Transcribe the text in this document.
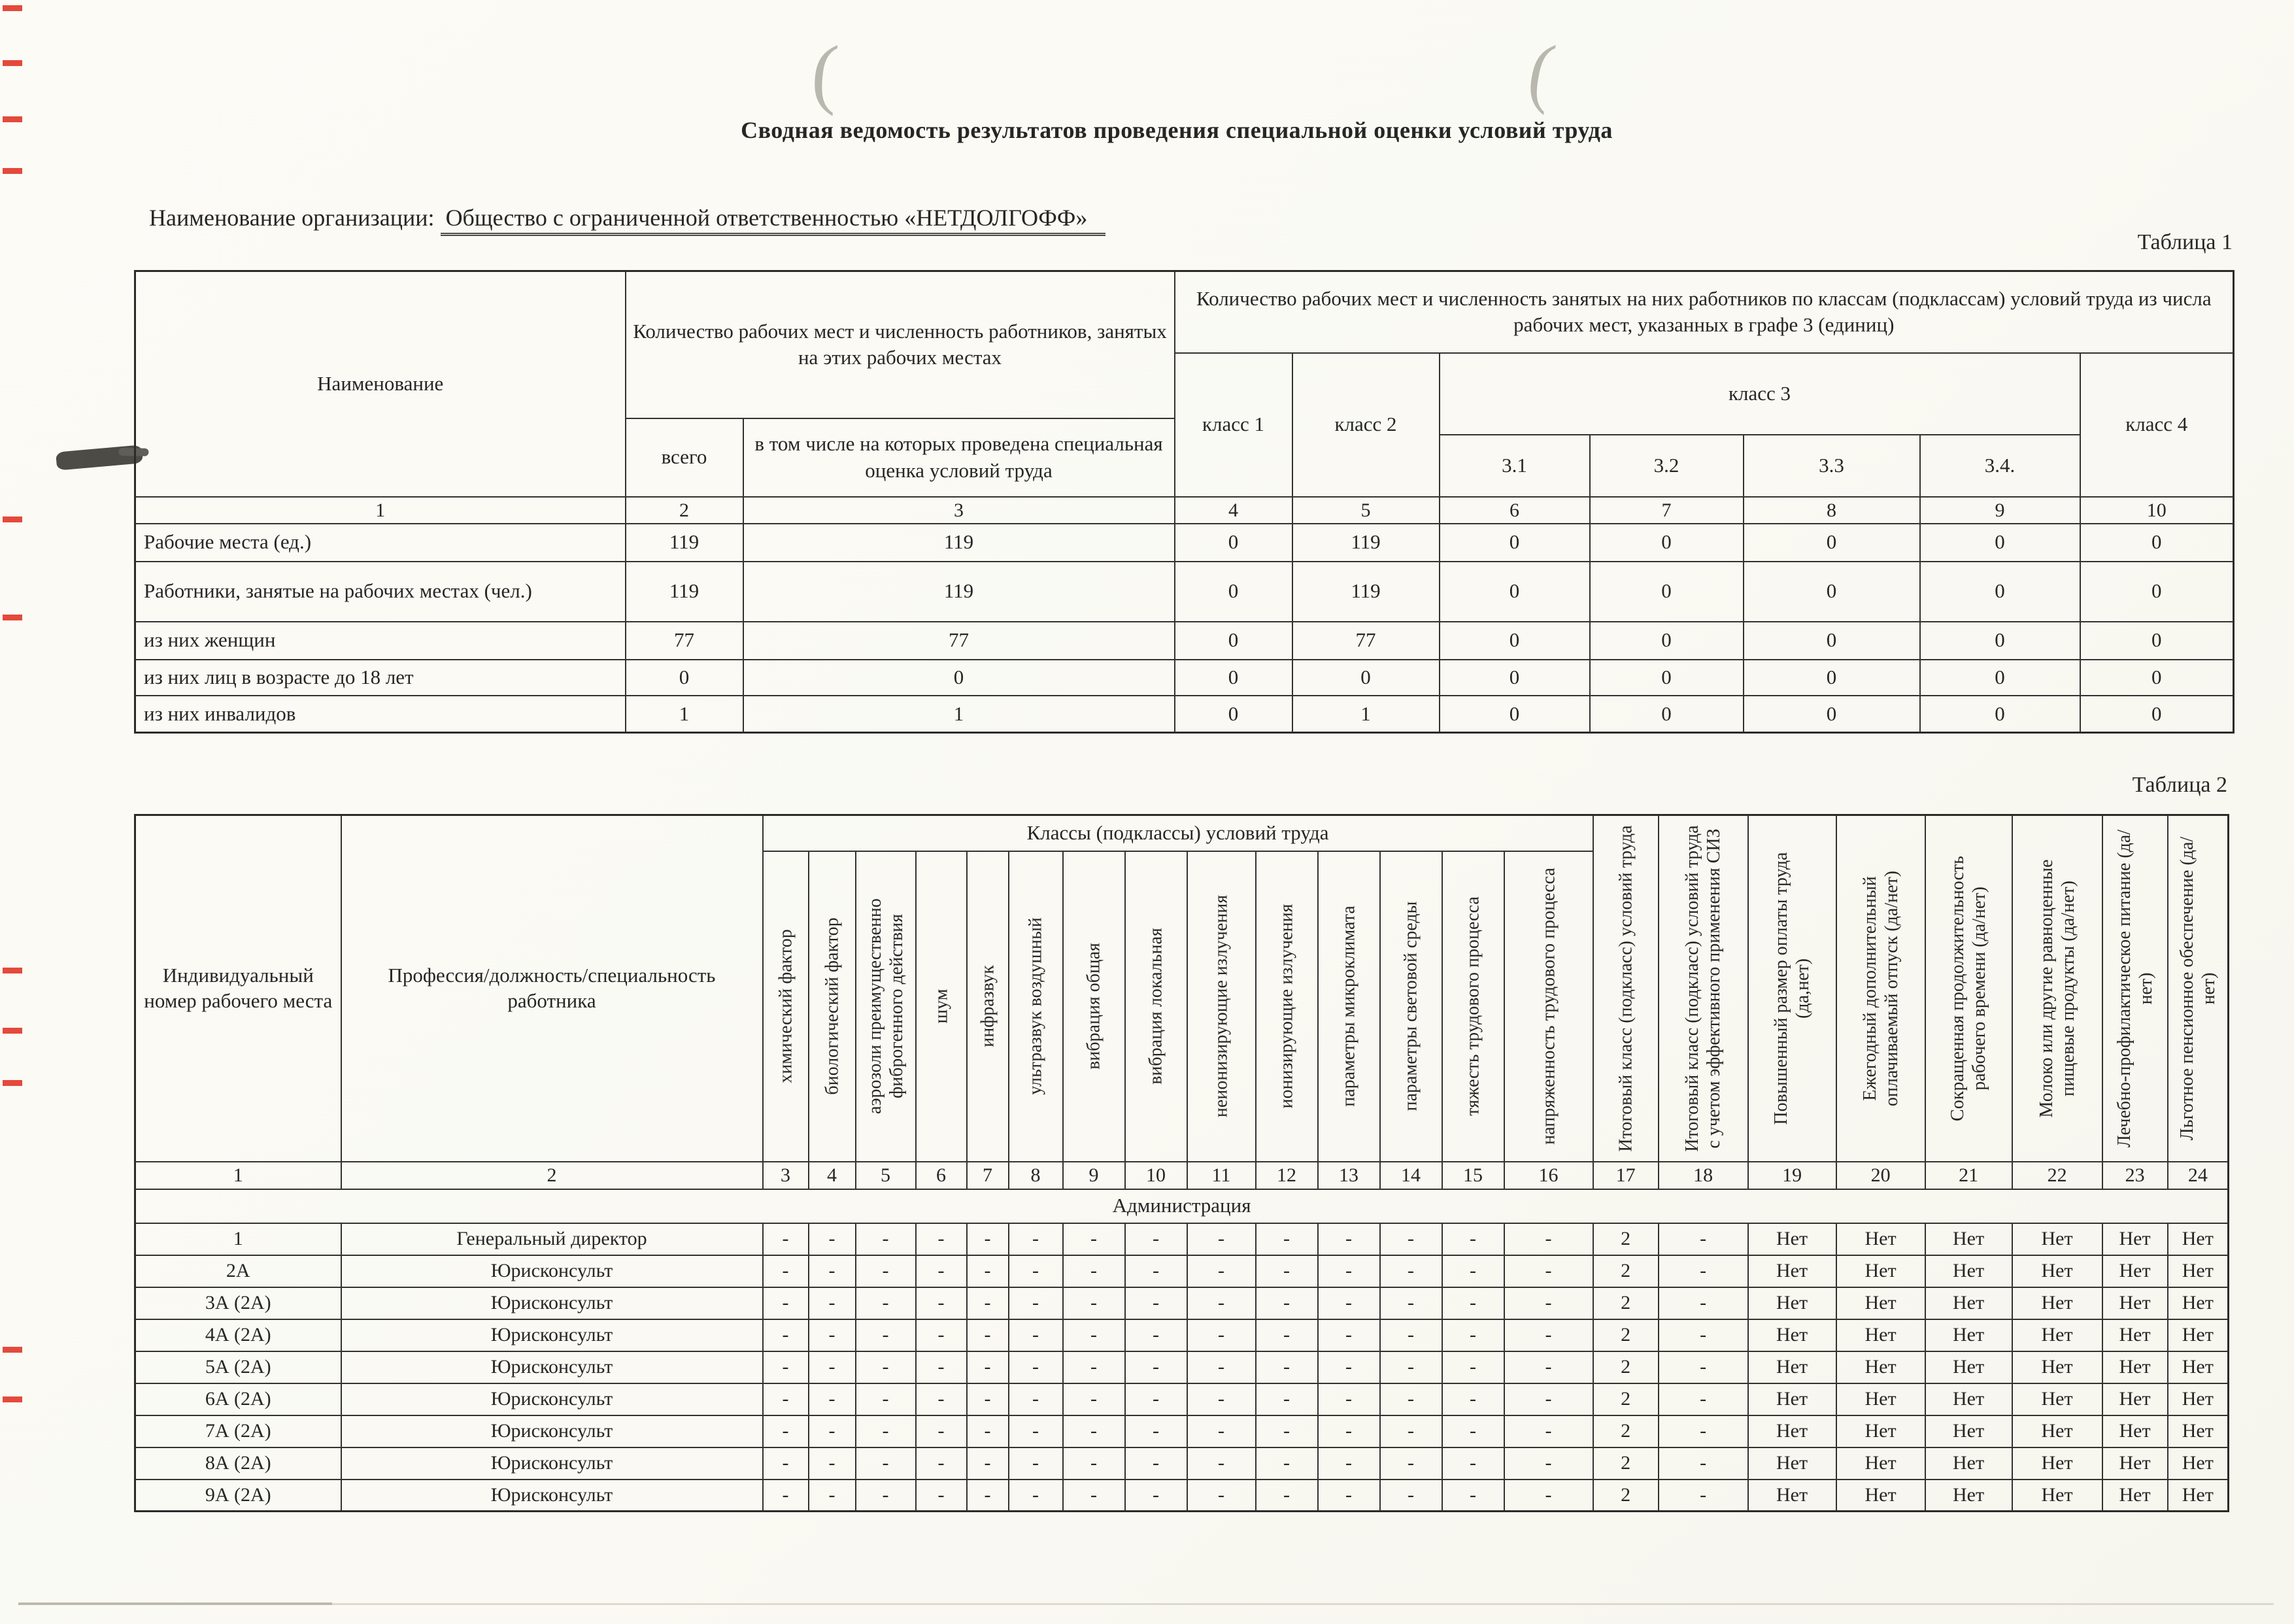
(	(
Сводная ведомость результатов проведения специальной оценки условий труда
Наименование организации: Общество с ограниченной ответственностью «НЕТДОЛГОФФ»
Таблица 1
Таблица 2
Наименование	Количество рабочих мест и численность работников, занятых на этих рабочих местах		Количество рабочих мест и численность занятых на них работников по классам (подклассам) условий труда из числа рабочих мест, указанных в графе 3 (единиц)						
			класс 1	класс 2	класс 3				класс 4
	всего	в том числе на которых проведена специальная оценка условий труда							
					3.1	3.2	3.3	3.4.	
1	2	3	4	5	6	7	8	9	10
Рабочие места (ед.)	119	119	0	119	0	0	0	0	0
Работники, занятые на рабочих местах (чел.)	119	119	0	119	0	0	0	0	0
из них женщин	77	77	0	77	0	0	0	0	0
из них лиц в возрасте до 18 лет	0	0	0	0	0	0	0	0	0
из них инвалидов	1	1	0	1	0	0	0	0	0
Индивидуальный номер рабочего места	Профессия/должность/специальность работника	Классы (подклассы) условий труда														Итоговый класс (подкласс) условий труда	Итоговый класс (подкласс) условий труда с учетом эффективного применения СИЗ	Повышенный размер оплаты труда (да,нет)	Ежегодный дополнительный оплачиваемый отпуск (да/нет)	Сокращенная продолжительность рабочего времени (да/нет)	Молоко или другие равноценные пищевые продукты (да/нет)	Лечебно-профилактическое питание (да/нет)	Льготное пенсионное обеспечение (да/нет)

		химический фактор	биологический фактор	аэрозоли преимущественно фиброгенного действия	шум	инфразвук	ультразвук воздушный	вибрация общая	вибрация локальная	неионизирующие излучения	ионизирующие излучения	параметры микроклимата	параметры световой среды	тяжесть трудового процесса	напряженность трудового процесса								

1	2	3	4	5	6	7	8	9	10	11	12	13	14	15	16	17	18	19	20	21	22	23	24
Администрация																							
1	Генеральный директор	-	-	-	-	-	-	-	-	-	-	-	-	-	-	2	-	Нет	Нет	Нет	Нет	Нет	Нет
2А	Юрисконсульт	-	-	-	-	-	-	-	-	-	-	-	-	-	-	2	-	Нет	Нет	Нет	Нет	Нет	Нет
3А (2А)	Юрисконсульт	-	-	-	-	-	-	-	-	-	-	-	-	-	-	2	-	Нет	Нет	Нет	Нет	Нет	Нет
4А (2А)	Юрисконсульт	-	-	-	-	-	-	-	-	-	-	-	-	-	-	2	-	Нет	Нет	Нет	Нет	Нет	Нет
5А (2А)	Юрисконсульт	-	-	-	-	-	-	-	-	-	-	-	-	-	-	2	-	Нет	Нет	Нет	Нет	Нет	Нет
6А (2А)	Юрисконсульт	-	-	-	-	-	-	-	-	-	-	-	-	-	-	2	-	Нет	Нет	Нет	Нет	Нет	Нет
7А (2А)	Юрисконсульт	-	-	-	-	-	-	-	-	-	-	-	-	-	-	2	-	Нет	Нет	Нет	Нет	Нет	Нет
8А (2А)	Юрисконсульт	-	-	-	-	-	-	-	-	-	-	-	-	-	-	2	-	Нет	Нет	Нет	Нет	Нет	Нет
9А (2А)	Юрисконсульт	-	-	-	-	-	-	-	-	-	-	-	-	-	-	2	-	Нет	Нет	Нет	Нет	Нет	Нет
